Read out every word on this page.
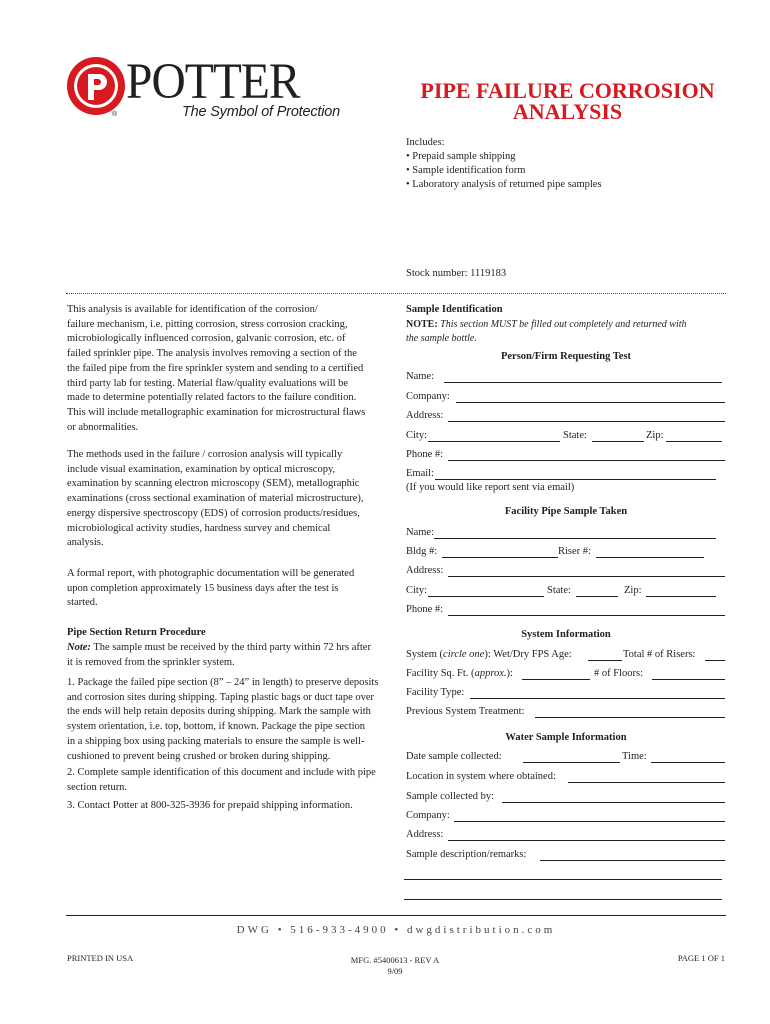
POTTER
®	The Symbol of Protection
PIPE FAILURE CORROSION
ANALYSIS
Includes:
• Prepaid sample shipping
• Sample identification form
• Laboratory analysis of returned pipe samples
Stock number: 1119183
This analysis is available for identification of the corrosion/
failure mechanism, i.e. pitting corrosion, stress corrosion cracking,
microbiologically influenced corrosion, galvanic corrosion, etc. of
failed sprinkler pipe. The analysis involves removing a section of the
the failed pipe from the fire sprinkler system and sending to a certified
third party lab for testing. Material flaw/quality evaluations will be
made to determine potentially related factors to the failure condition.
This will include metallographic examination for microstructural flaws
or abnormalities.
The methods used in the failure / corrosion analysis will typically
include visual examination, examination by optical microscopy,
examination by scanning electron microscopy (SEM), metallographic
examinations (cross sectional examination of material microstructure),
energy dispersive spectroscopy (EDS) of corrosion products/residues,
microbiological activity studies, hardness survey and chemical
analysis.
A formal report, with photographic documentation will be generated
upon completion approximately 15 business days after the test is
started.
Pipe Section Return Procedure
Note: The sample must be received by the third party within 72 hrs after
it is removed from the sprinkler system.
1. Package the failed pipe section (8” – 24” in length) to preserve deposits
and corrosion sites during shipping. Taping plastic bags or duct tape over
the ends will help retain deposits during shipping. Mark the sample with
system orientation, i.e. top, bottom, if known. Package the pipe section
in a shipping box using packing materials to ensure the sample is well-
cushioned to prevent being crushed or broken during shipping.
2. Complete sample identification of this document and include with pipe
section return.
3. Contact Potter at 800-325-3936 for prepaid shipping information.
Sample Identification
NOTE: This section MUST be filled out completely and returned with
the sample bottle.
Person/Firm Requesting Test
Name:
Company:
Address:
City:	State:	Zip:
Phone #:
Email:
(If you would like report sent via email)
Facility Pipe Sample Taken
Name:
Bldg #:	Riser #:
Address:
City:	State:	Zip:
Phone #:
System Information
System (circle one): Wet/Dry FPS Age:	Total # of Risers:
Facility Sq. Ft. (approx.):	# of Floors:
Facility Type:
Previous System Treatment:
Water Sample Information
Date sample collected:	Time:
Location in system where obtained:
Sample collected by:
Company:
Address:
Sample description/remarks:
DWG • 516-933-4900 • dwgdistribution.com
PRINTED IN USA	MFG. #5400613 - REV A
9/09
PAGE 1 OF 1
